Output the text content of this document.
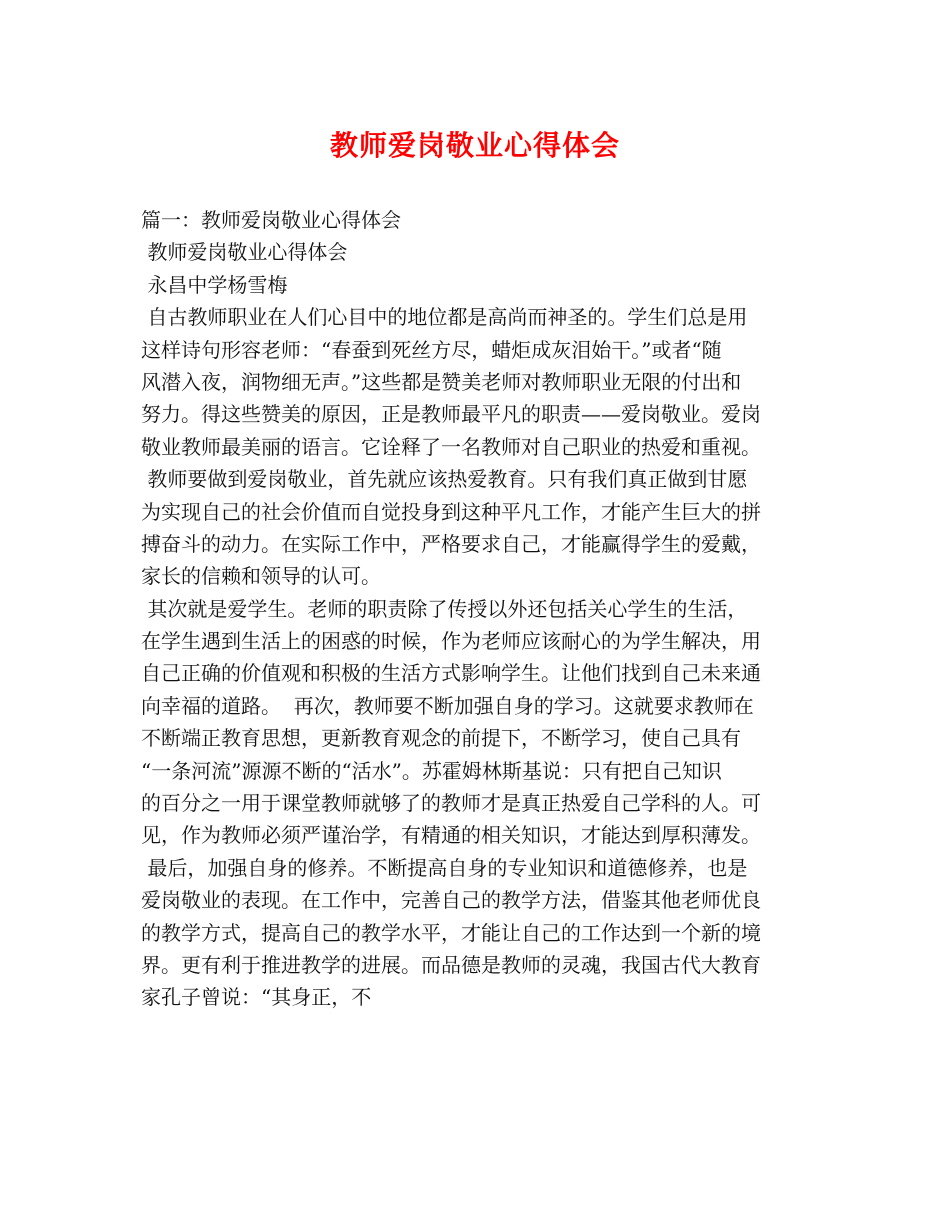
教师爱岗敬业心得体会
篇一：教师爱岗敬业心得体会
教师爱岗敬业心得体会
永昌中学杨雪梅
自古教师职业在人们心目中的地位都是高尚而神圣的。学生们总是用
这样诗句形容老师：“春蚕到死丝方尽，蜡炬成灰泪始干。”或者“随
风潜入夜，润物细无声。”这些都是赞美老师对教师职业无限的付出和
努力。得这些赞美的原因，正是教师最平凡的职责——爱岗敬业。爱岗
敬业教师最美丽的语言。它诠释了一名教师对自己职业的热爱和重视。
教师要做到爱岗敬业，首先就应该热爱教育。只有我们真正做到甘愿
为实现自己的社会价值而自觉投身到这种平凡工作，才能产生巨大的拼
搏奋斗的动力。在实际工作中，严格要求自己，才能赢得学生的爱戴，
家长的信赖和领导的认可。
其次就是爱学生。老师的职责除了传授以外还包括关心学生的生活，
在学生遇到生活上的困惑的时候，作为老师应该耐心的为学生解决，用
自己正确的价值观和积极的生活方式影响学生。让他们找到自己未来通
向幸福的道路。  再次，教师要不断加强自身的学习。这就要求教师在
不断端正教育思想，更新教育观念的前提下，不断学习，使自己具有
“一条河流”源源不断的“活水”。苏霍姆林斯基说：只有把自己知识
的百分之一用于课堂教师就够了的教师才是真正热爱自己学科的人。可
见，作为教师必须严谨治学，有精通的相关知识，才能达到厚积薄发。
最后，加强自身的修养。不断提高自身的专业知识和道德修养，也是
爱岗敬业的表现。在工作中，完善自己的教学方法，借鉴其他老师优良
的教学方式，提高自己的教学水平，才能让自己的工作达到一个新的境
界。更有利于推进教学的进展。而品德是教师的灵魂，我国古代大教育
家孔子曾说：“其身正，不
